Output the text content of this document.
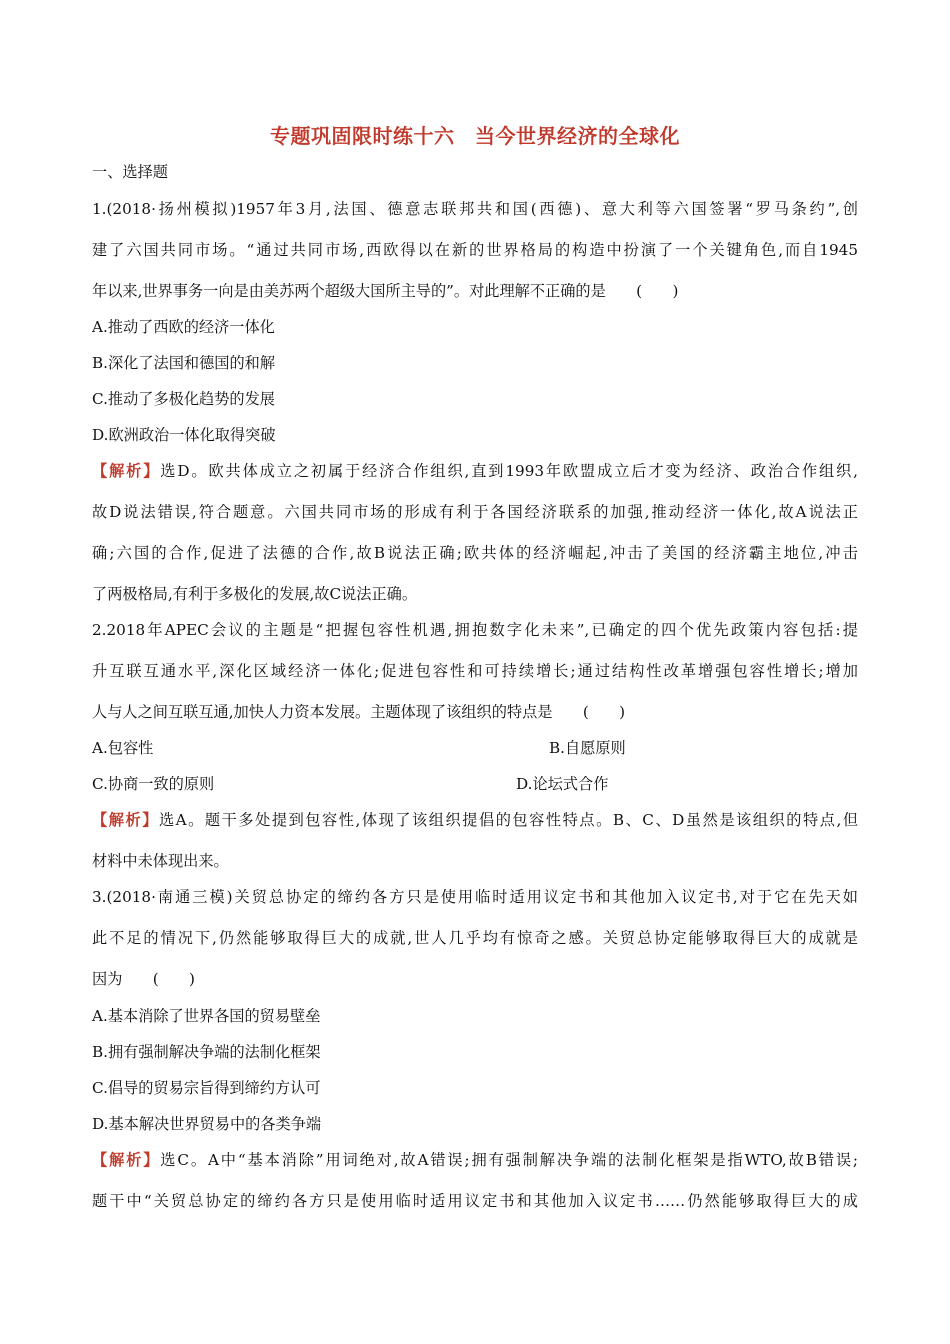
专题巩固限时练十六　当今世界经济的全球化
一、选择题
1.(2018·扬州模拟)1957年3月,法国、德意志联邦共和国(西德)、意大利等六国签署“罗马条约”,创
建了六国共同市场。“通过共同市场,西欧得以在新的世界格局的构造中扮演了一个关键角色,而自1945
年以来,世界事务一向是由美苏两个超级大国所主导的”。对此理解不正确的是　　(　　)
A.推动了西欧的经济一体化
B.深化了法国和德国的和解
C.推动了多极化趋势的发展
D.欧洲政治一体化取得突破
【解析】选D。欧共体成立之初属于经济合作组织,直到1993年欧盟成立后才变为经济、政治合作组织,
故D说法错误,符合题意。六国共同市场的形成有利于各国经济联系的加强,推动经济一体化,故A说法正
确;六国的合作,促进了法德的合作,故B说法正确;欧共体的经济崛起,冲击了美国的经济霸主地位,冲击
了两极格局,有利于多极化的发展,故C说法正确。
2.2018年APEC会议的主题是“把握包容性机遇,拥抱数字化未来”,已确定的四个优先政策内容包括:提
升互联互通水平,深化区域经济一体化;促进包容性和可持续增长;通过结构性改革增强包容性增长;增加
人与人之间互联互通,加快人力资本发展。主题体现了该组织的特点是　　(　　)
A.包容性	B.自愿原则
C.协商一致的原则	D.论坛式合作
【解析】选A。题干多处提到包容性,体现了该组织提倡的包容性特点。B、C、D虽然是该组织的特点,但
材料中未体现出来。
3.(2018·南通三模)关贸总协定的缔约各方只是使用临时适用议定书和其他加入议定书,对于它在先天如
此不足的情况下,仍然能够取得巨大的成就,世人几乎均有惊奇之感。关贸总协定能够取得巨大的成就是
因为　　(　　)
A.基本消除了世界各国的贸易壁垒
B.拥有强制解决争端的法制化框架
C.倡导的贸易宗旨得到缔约方认可
D.基本解决世界贸易中的各类争端
【解析】选C。A中“基本消除”用词绝对,故A错误;拥有强制解决争端的法制化框架是指WTO,故B错误;
题干中“关贸总协定的缔约各方只是使用临时适用议定书和其他加入议定书……仍然能够取得巨大的成
